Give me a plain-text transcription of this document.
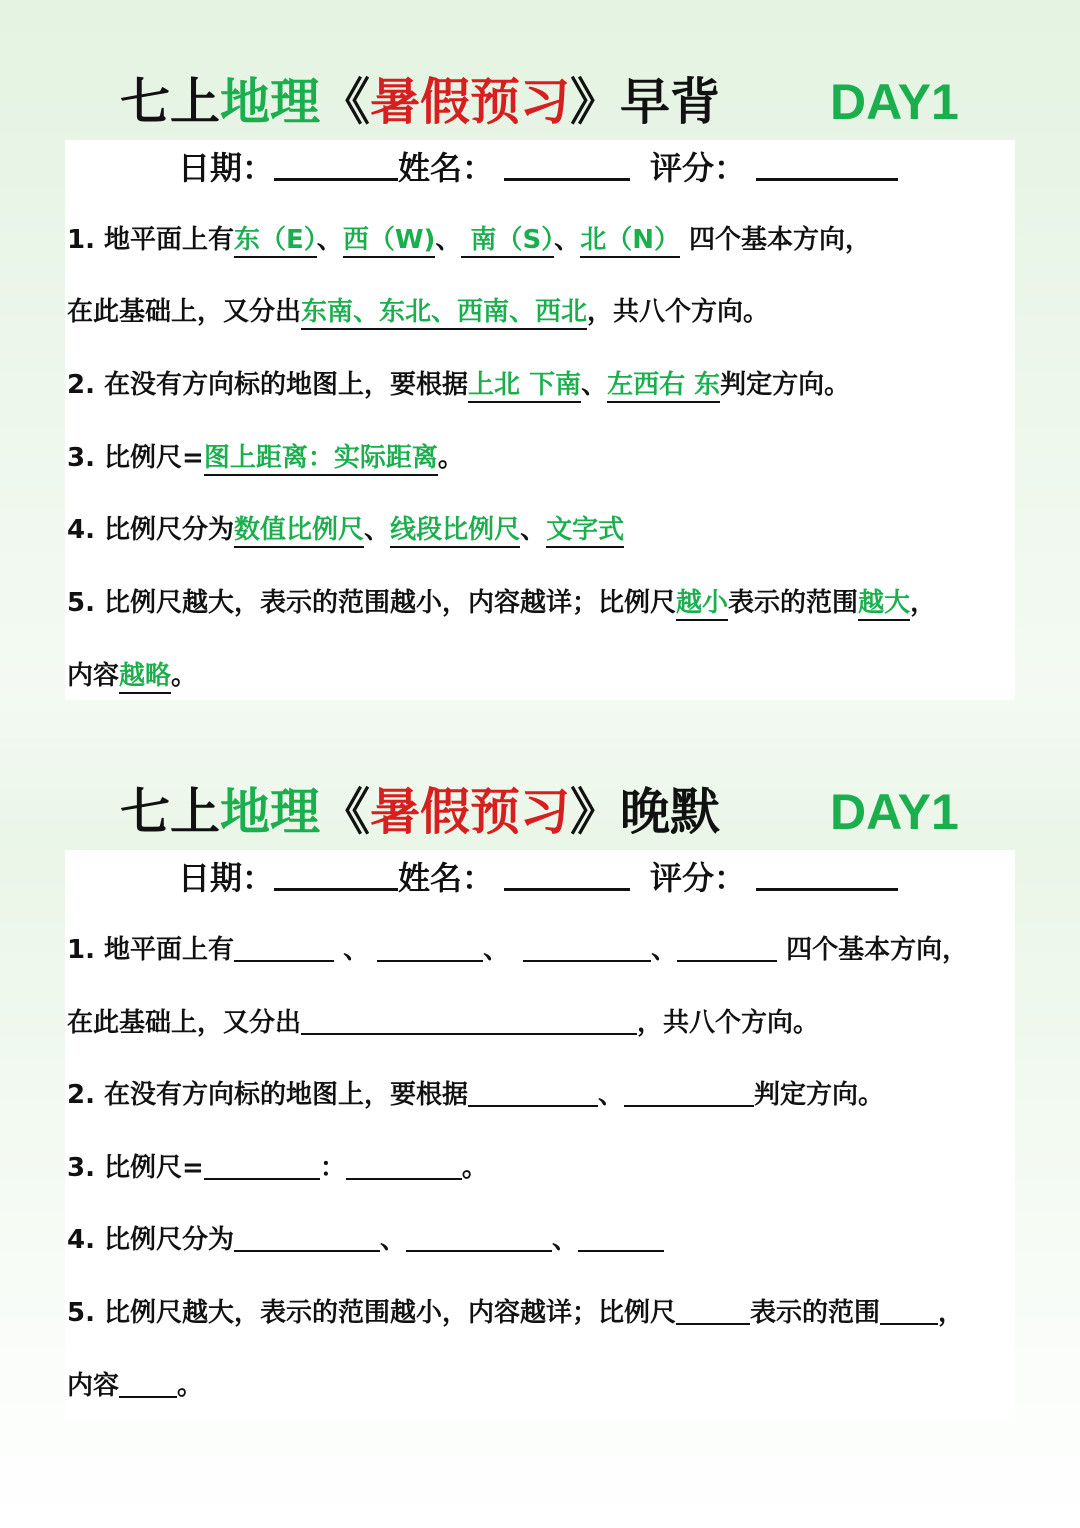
七上地理《暑假预习》早背 DAY1
日期：	姓名：	评分：
1. 地平面上有东（E）、西（W)、 南（S）、北（N） 四个基本方向，
在此基础上，又分出东南、东北、西南、西北，共八个方向。
2. 在没有方向标的地图上，要根据上北 下南、左西右 东判定方向。
3. 比例尺=图上距离：实际距离。
4. 比例尺分为数值比例尺、线段比例尺、文字式
5. 比例尺越大，表示的范围越小，内容越详；比例尺越小表示的范围越大，
内容越略。
七上地理《暑假预习》晚默 DAY1
日期：	姓名：	评分：
1. 地平面上有	、	、	、	四个基本方向，
在此基础上，又分出	，共八个方向。
2. 在没有方向标的地图上，要根据	、	判定方向。
3. 比例尺=	：	。
4. 比例尺分为	、	、
5. 比例尺越大，表示的范围越小，内容越详；比例尺	表示的范围 ，
内容 。
